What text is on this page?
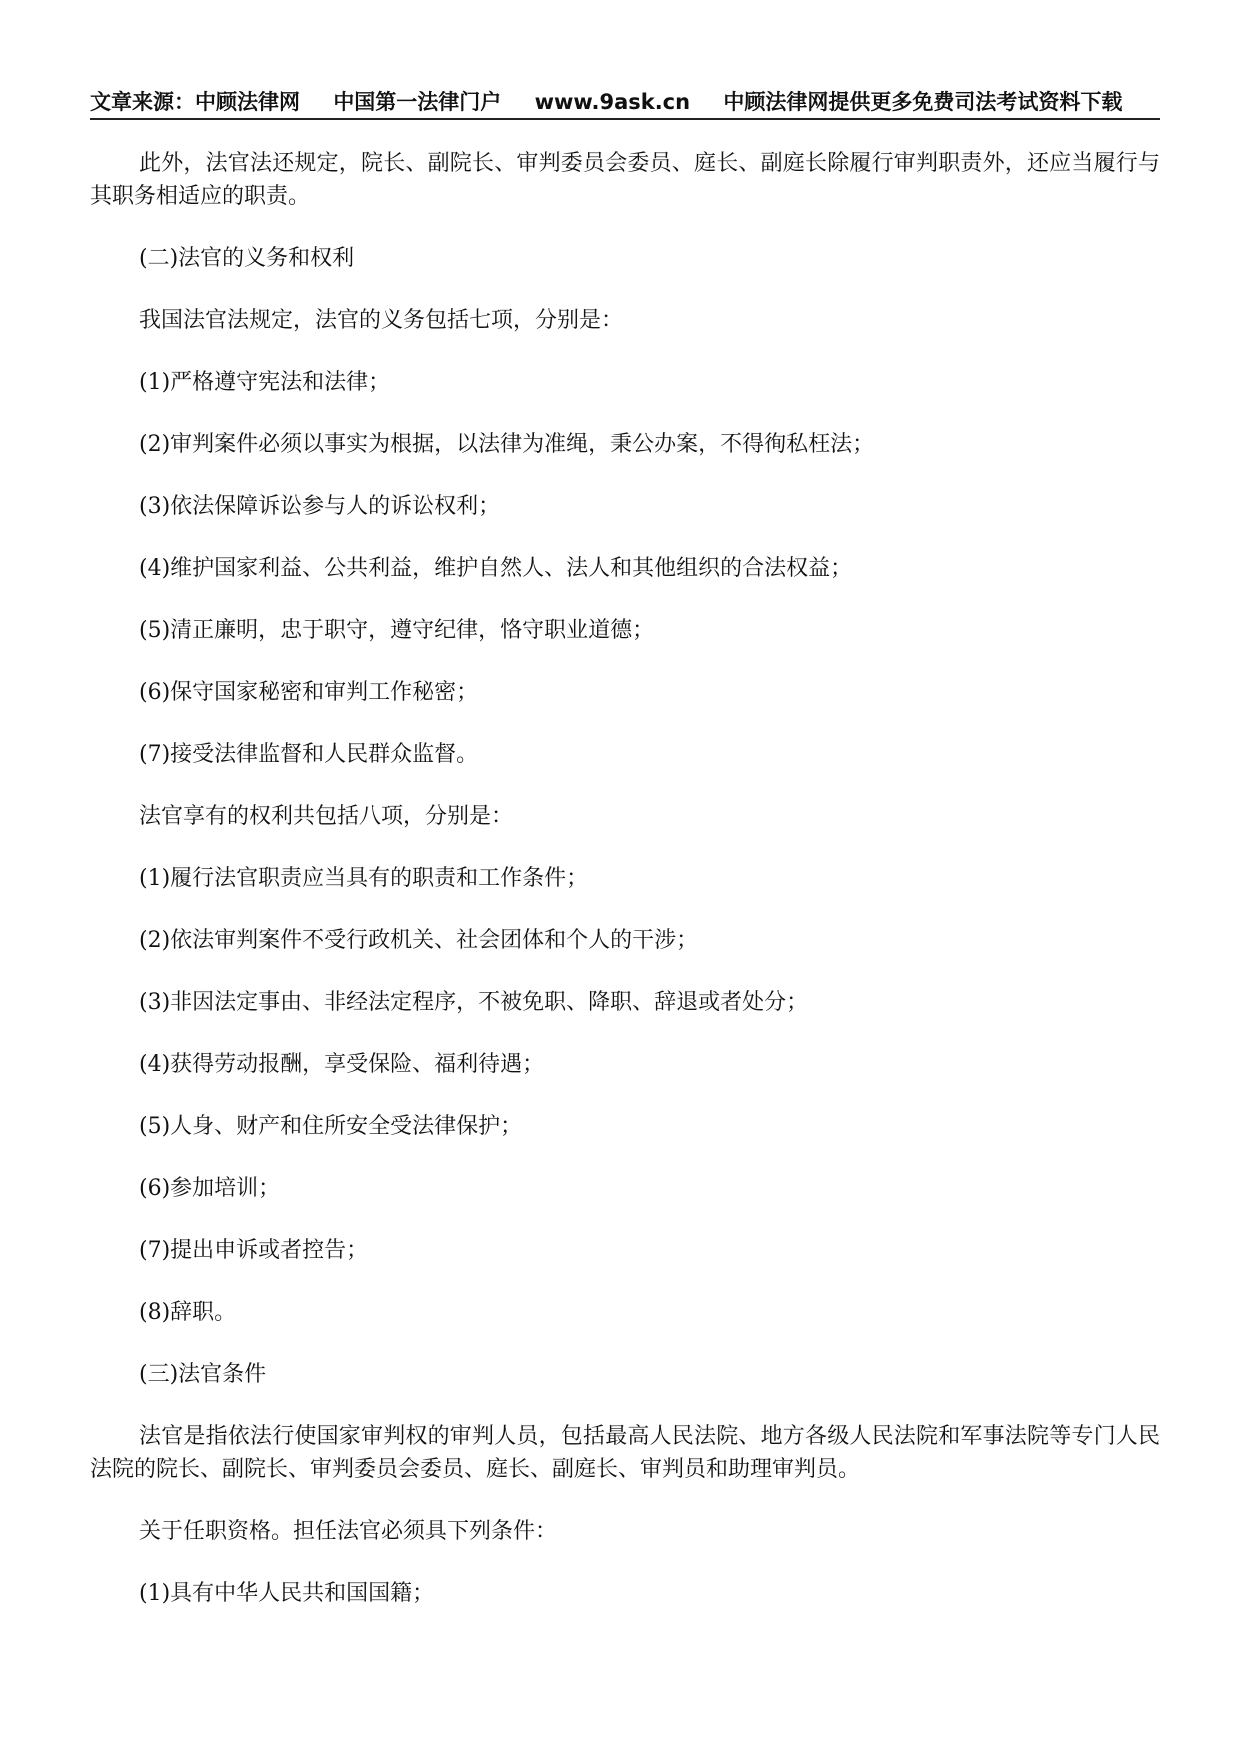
文章来源：中顾法律网 中国第一法律门户 www.9ask.cn 中顾法律网提供更多免费司法考试资料下载

此外，法官法还规定，院长、副院长、审判委员会委员、庭长、副庭长除履行审判职责外，还应当履行与其职务相适应的职责。

(二)法官的义务和权利

我国法官法规定，法官的义务包括七项，分别是：

(1)严格遵守宪法和法律；

(2)审判案件必须以事实为根据，以法律为准绳，秉公办案，不得徇私枉法；

(3)依法保障诉讼参与人的诉讼权利；

(4)维护国家利益、公共利益，维护自然人、法人和其他组织的合法权益；

(5)清正廉明，忠于职守，遵守纪律，恪守职业道德；

(6)保守国家秘密和审判工作秘密；

(7)接受法律监督和人民群众监督。

法官享有的权利共包括八项，分别是：

(1)履行法官职责应当具有的职责和工作条件；

(2)依法审判案件不受行政机关、社会团体和个人的干涉；

(3)非因法定事由、非经法定程序，不被免职、降职、辞退或者处分；

(4)获得劳动报酬，享受保险、福利待遇；

(5)人身、财产和住所安全受法律保护；

(6)参加培训；

(7)提出申诉或者控告；

(8)辞职。

(三)法官条件

法官是指依法行使国家审判权的审判人员，包括最高人民法院、地方各级人民法院和军事法院等专门人民法院的院长、副院长、审判委员会委员、庭长、副庭长、审判员和助理审判员。

关于任职资格。担任法官必须具下列条件：

(1)具有中华人民共和国国籍；
